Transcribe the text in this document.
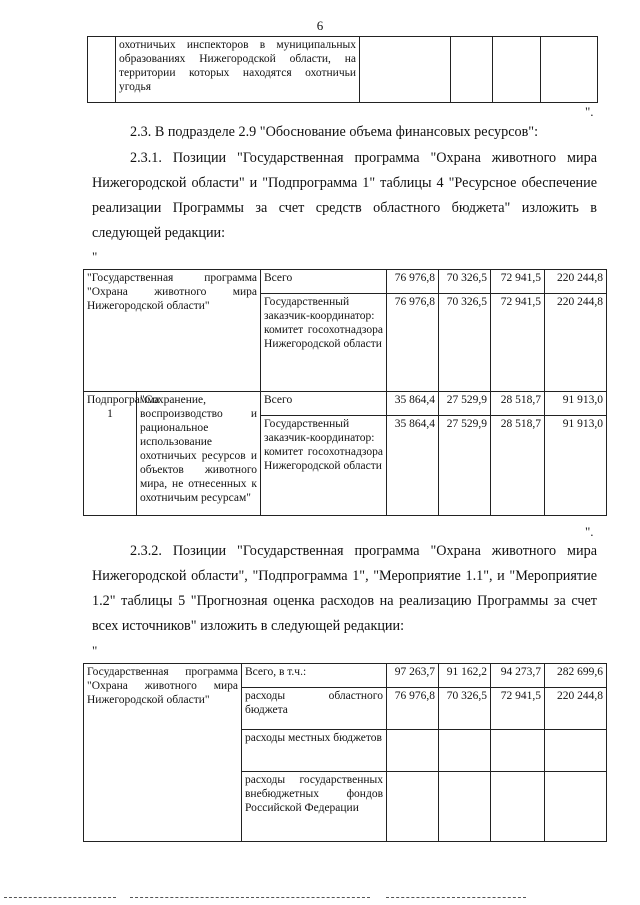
6
	охотничьих инспекторов в муниципальных образованиях Нижегородской области, на территории которых находятся охотничьи угодья				
".
2.3. В подразделе 2.9 "Обоснование объема финансовых ресурсов":
2.3.1. Позиции "Государственная программа "Охрана животного мира Нижегородской области" и "Подпрограмма 1" таблицы 4 "Ресурсное обеспечение реализации Программы за счет средств областного бюджета" изложить в следующей редакции:
"
"Государственная программа "Охрана животного мира Нижегородской области"		Всего	76 976,8	70 326,5	72 941,5	220 244,8
		Государственный заказчик-координатор: комитет госохотнадзора Нижегородской области	76 976,8	70 326,5	72 941,5	220 244,8
Подпрограмма 1	"Сохранение, воспроизводство и рациональное использование охотничьих ресурсов и объектов животного мира, не отнесенных к охотничьим ресурсам"	Всего	35 864,4	27 529,9	28 518,7	91 913,0
		Государственный заказчик-координатор: комитет госохотнадзора Нижегородской области	35 864,4	27 529,9	28 518,7	91 913,0
".
2.3.2. Позиции "Государственная программа "Охрана животного мира Нижегородской области", "Подпрограмма 1", "Мероприятие 1.1", и "Мероприятие 1.2" таблицы 5 "Прогнозная оценка расходов на реализацию Программы за счет всех источников" изложить в следующей редакции:
"
Государственная программа "Охрана животного мира Нижегородской области"	Всего, в т.ч.:	97 263,7	91 162,2	94 273,7	282 699,6
	расходы областного бюджета	76 976,8	70 326,5	72 941,5	220 244,8
	расходы местных бюджетов				
	расходы государственных внебюджетных фондов Российской Федерации				
